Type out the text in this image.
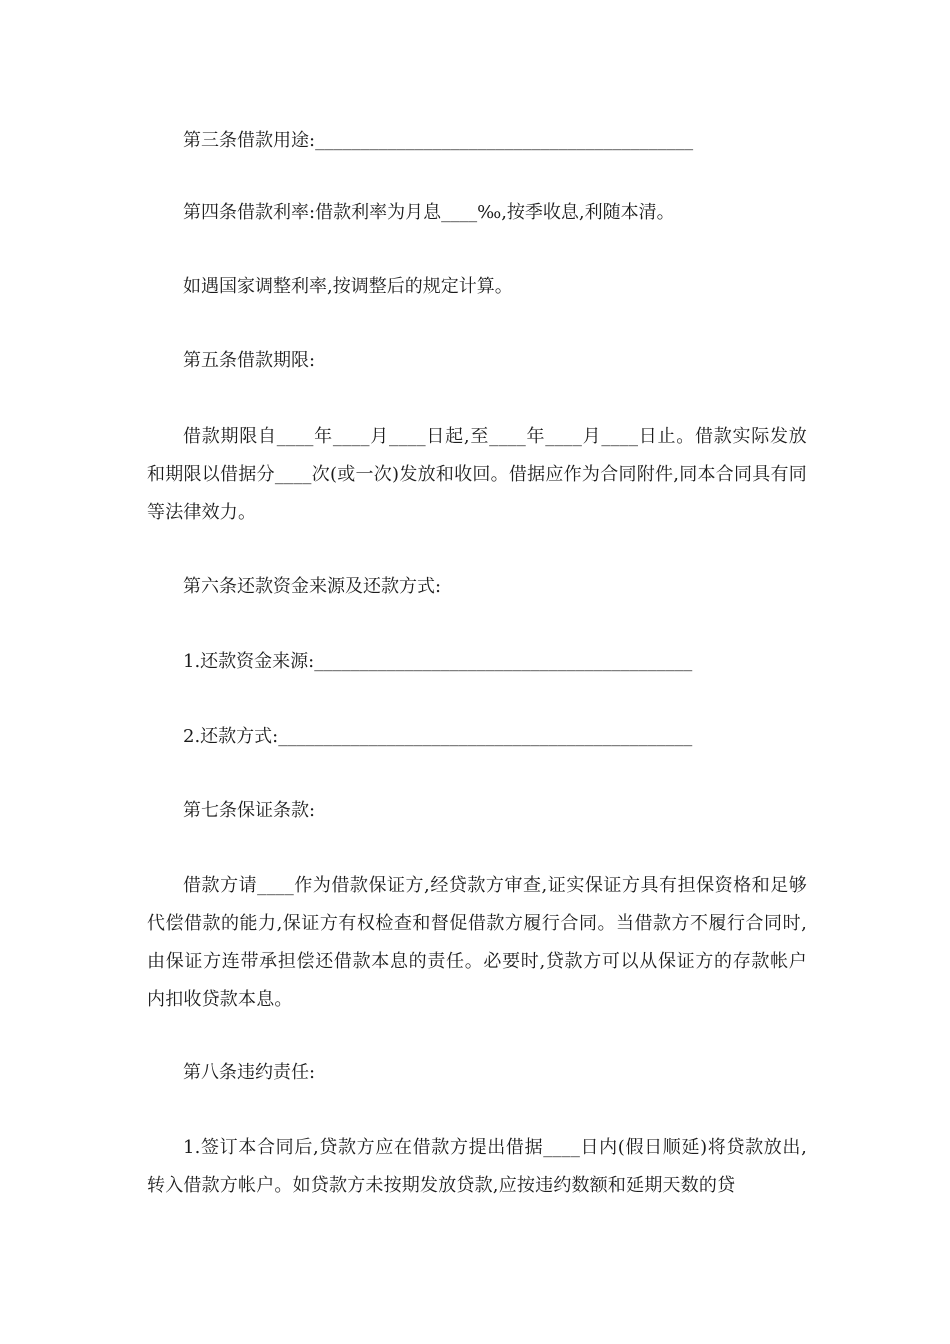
第三条借款用途:__________________________________________
第四条借款利率:借款利率为月息____‰,按季收息,利随本清。
如遇国家调整利率,按调整后的规定计算。
第五条借款期限:
借款期限自____年____月____日起,至____年____月____日止。借款实际发放和期限以借据分____次(或一次)发放和收回。借据应作为合同附件,同本合同具有同等法律效力。
第六条还款资金来源及还款方式:
1.还款资金来源:__________________________________________
2.还款方式:______________________________________________
第七条保证条款:
借款方请____作为借款保证方,经贷款方审查,证实保证方具有担保资格和足够代偿借款的能力,保证方有权检查和督促借款方履行合同。当借款方不履行合同时,由保证方连带承担偿还借款本息的责任。必要时,贷款方可以从保证方的存款帐户内扣收贷款本息。
第八条违约责任:
1.签订本合同后,贷款方应在借款方提出借据____日内(假日顺延)将贷款放出,转入借款方帐户。如贷款方未按期发放贷款,应按违约数额和延期天数的贷
